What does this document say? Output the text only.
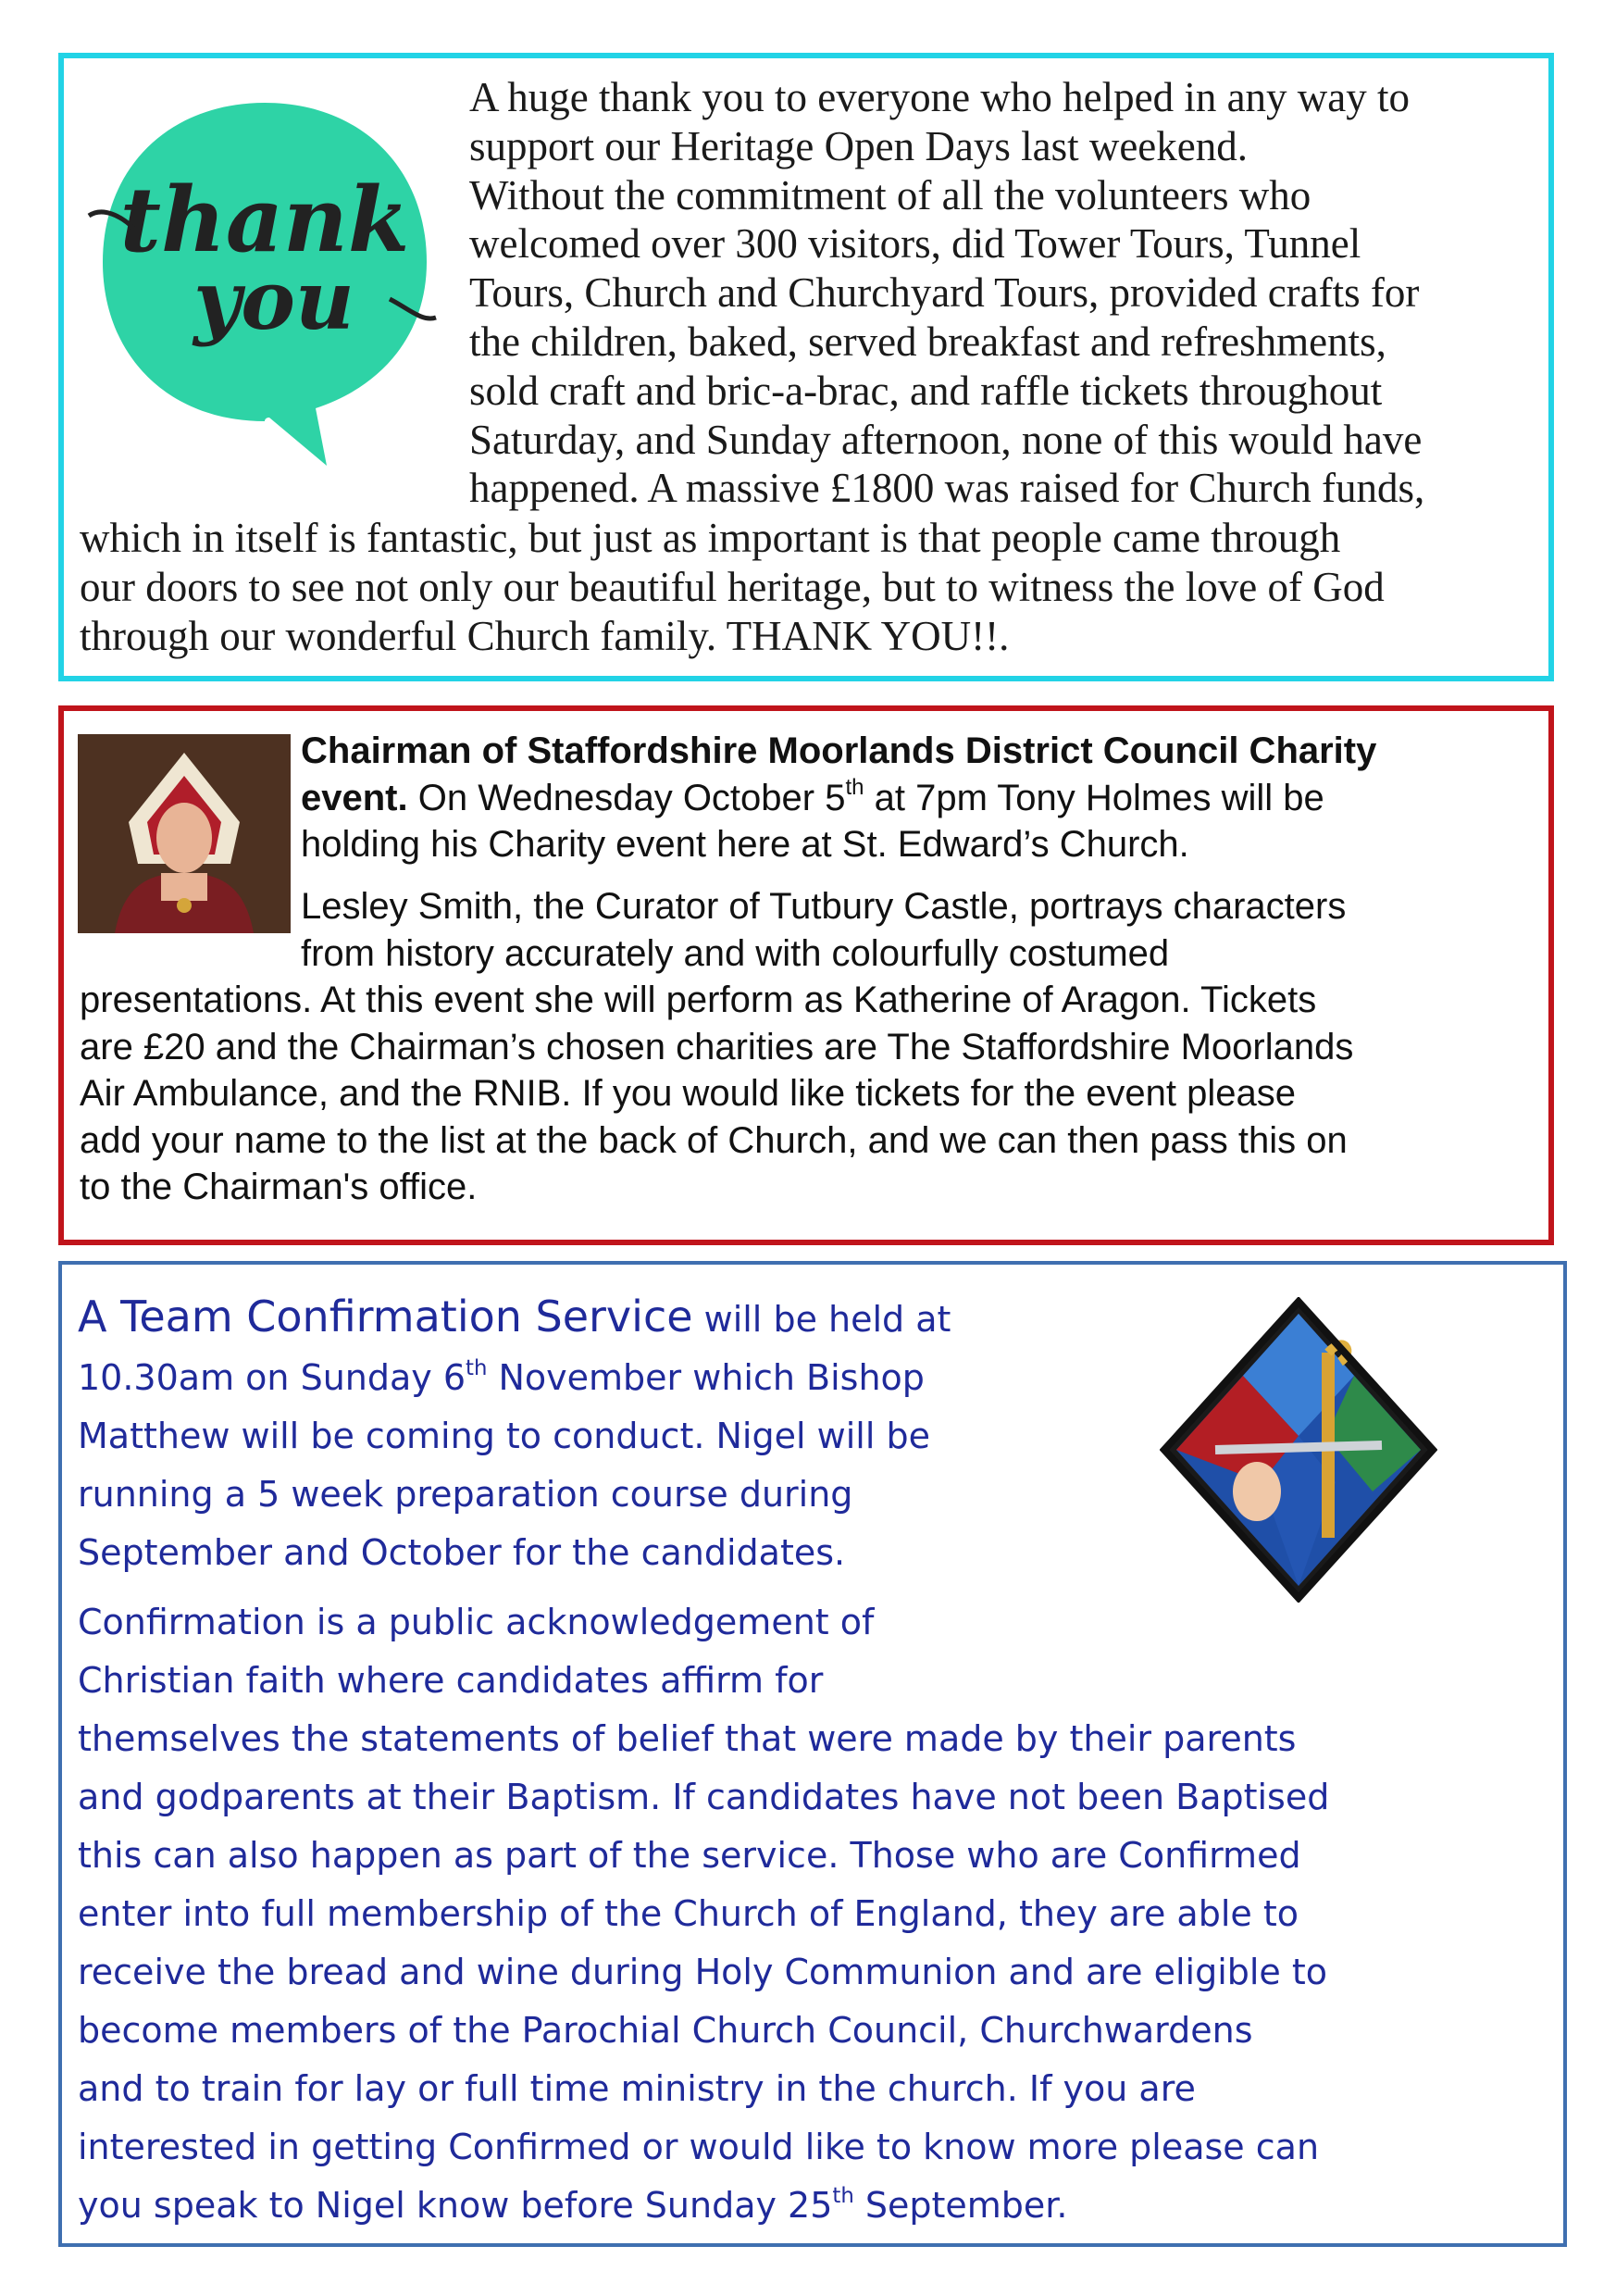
thank
you
A huge thank you to everyone who helped in any way to
support our Heritage Open Days last weekend.
Without the commitment of all the volunteers who
welcomed over 300 visitors, did Tower Tours, Tunnel
Tours, Church and Churchyard Tours, provided crafts for
the children, baked, served breakfast and refreshments,
sold craft and bric-a-brac, and raffle tickets throughout
Saturday, and Sunday afternoon, none of this would have
happened. A massive £1800 was raised for Church funds,
which in itself is fantastic, but just as important is that people came through
our doors to see not only our beautiful heritage, but to witness the love of God
through our wonderful Church family. THANK YOU!!.
Chairman of Staffordshire Moorlands District Council Charity
event. On Wednesday October 5th at 7pm Tony Holmes will be
holding his Charity event here at St. Edward’s Church.
Lesley Smith, the Curator of Tutbury Castle, portrays characters
from history accurately and with colourfully costumed
presentations. At this event she will perform as Katherine of Aragon. Tickets
are £20 and the Chairman’s chosen charities are The Staffordshire Moorlands
Air Ambulance, and the RNIB. If you would like tickets for the event please
add your name to the list at the back of Church, and we can then pass this on
to the Chairman's office.
A Team Confirmation Service will be held at
10.30am on Sunday 6th November which Bishop
Matthew will be coming to conduct. Nigel will be
running a 5 week preparation course during
September and October for the candidates.
Confirmation is a public acknowledgement of
Christian faith where candidates affirm for
themselves the statements of belief that were made by their parents
and godparents at their Baptism. If candidates have not been Baptised
this can also happen as part of the service. Those who are Confirmed
enter into full membership of the Church of England, they are able to
receive the bread and wine during Holy Communion and are eligible to
become members of the Parochial Church Council, Churchwardens
and to train for lay or full time ministry in the church. If you are
interested in getting Confirmed or would like to know more please can
you speak to Nigel know before Sunday 25th September.
